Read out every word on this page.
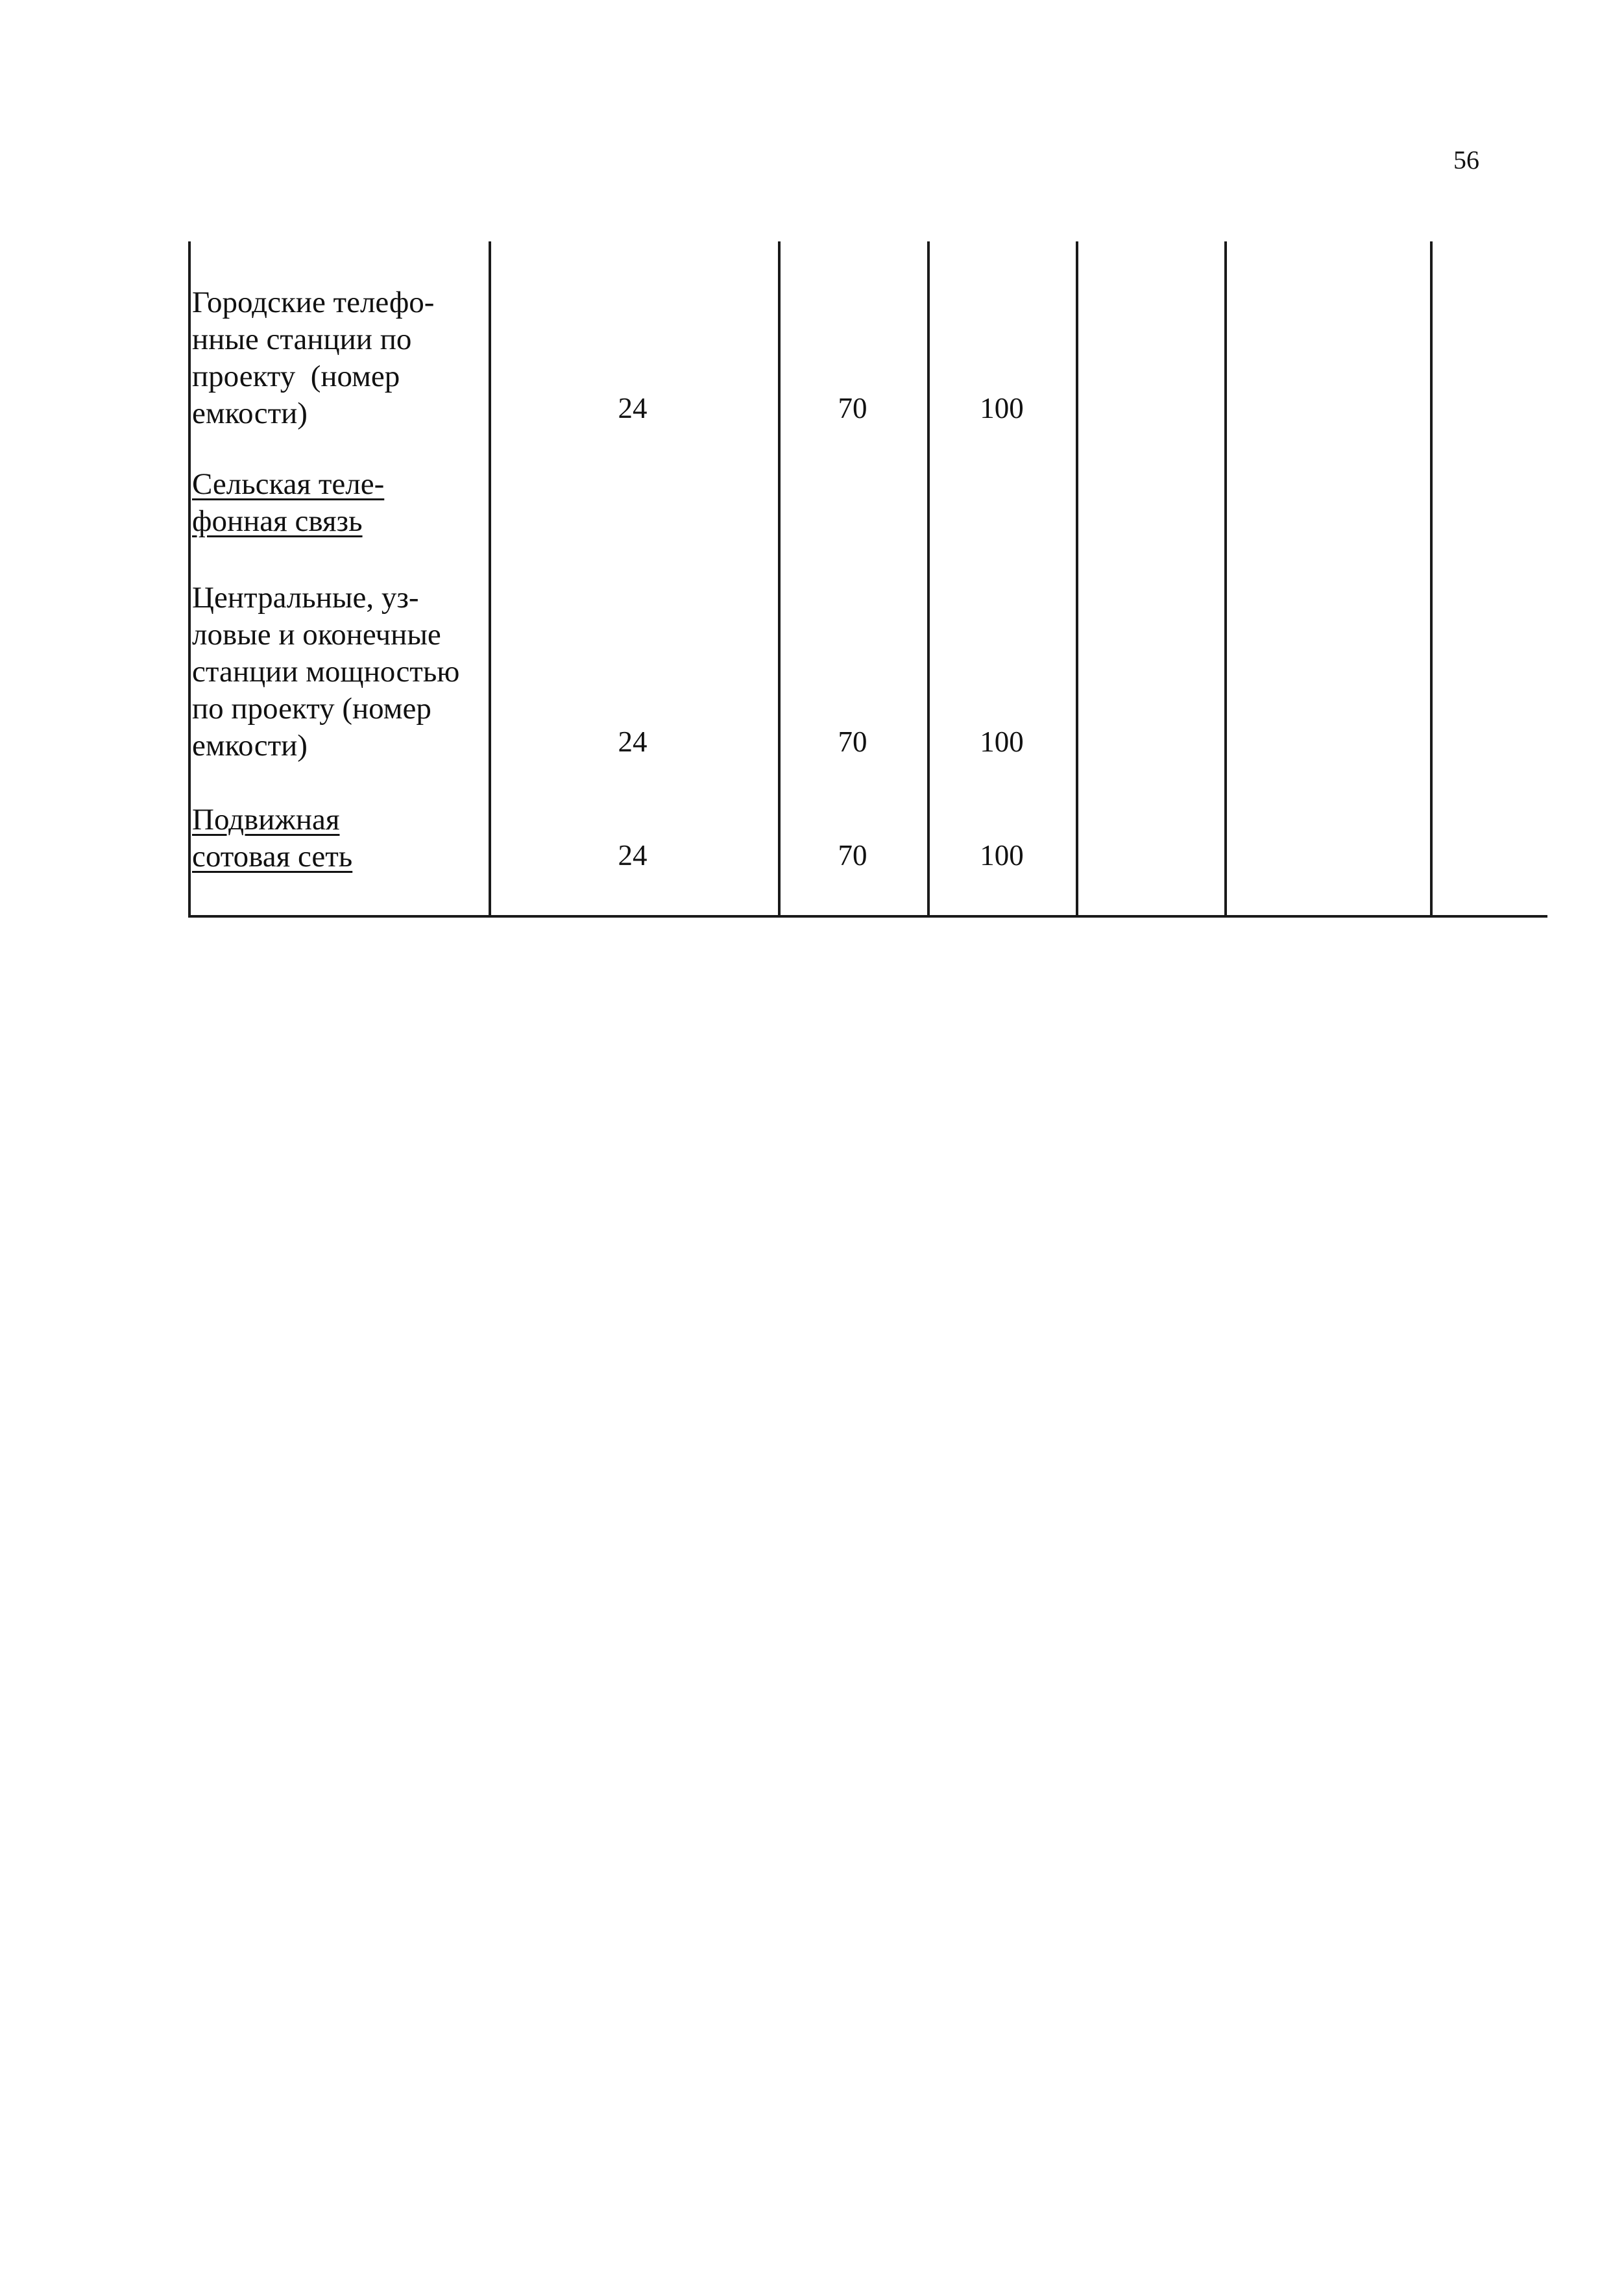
56
Городские телефо-
нные станции по
проекту  (номер
емкости)	24	70	100
Сельская теле-
фонная связь
Центральные, уз-
ловые и оконечные
станции мощностью
по проекту (номер
емкости)	24	70	100
Подвижная
сотовая сеть	24	70	100
